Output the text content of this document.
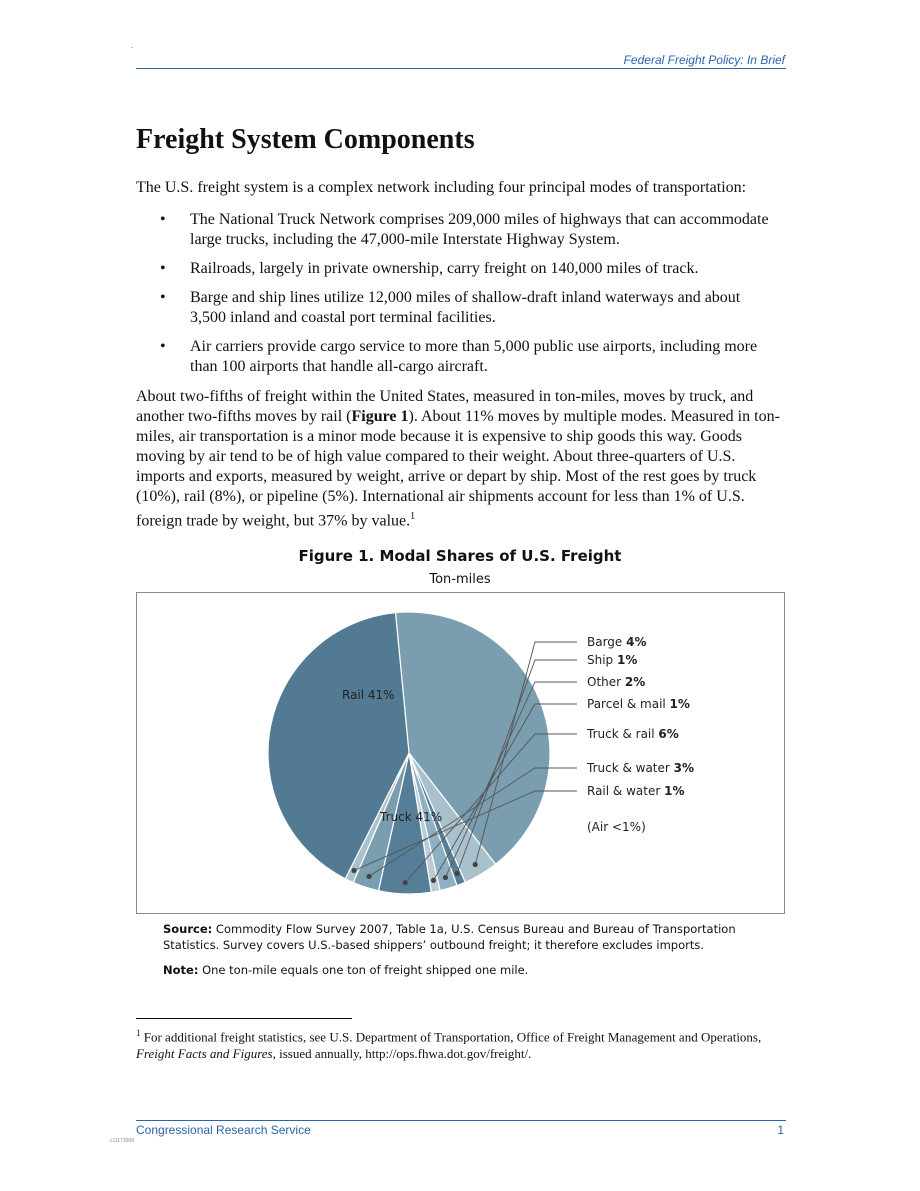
.
Federal Freight Policy: In Brief
Freight System Components
The U.S. freight system is a complex network including four principal modes of transportation:
• The National Truck Network comprises 209,000 miles of highways that can accommodate large trucks, including the 47,000-mile Interstate Highway System.
• Railroads, largely in private ownership, carry freight on 140,000 miles of track.
• Barge and ship lines utilize 12,000 miles of shallow-draft inland waterways and about 3,500 inland and coastal port terminal facilities.
• Air carriers provide cargo service to more than 5,000 public use airports, including more than 100 airports that handle all-cargo aircraft.
About two-fifths of freight within the United States, measured in ton-miles, moves by truck, and another two-fifths moves by rail (Figure 1). About 11% moves by multiple modes. Measured in ton-miles, air transportation is a minor mode because it is expensive to ship goods this way. Goods moving by air tend to be of high value compared to their weight. About three-quarters of U.S. imports and exports, measured by weight, arrive or depart by ship. Most of the rest goes by truck (10%), rail (8%), or pipeline (5%). International air shipments account for less than 1% of U.S. foreign trade by weight, but 37% by value.$^1$
Figure 1. Modal Shares of U.S. Freight
Ton-miles
Rail 41%
Barge 4%
Ship 1%
Other 2%
Parcel & mail 1%
Truck & rail 6%
Truck & water 3%
Rail & water 1%
Truck 41%
(Air <1%)
Source: Commodity Flow Survey 2007, Table 1a, U.S. Census Bureau and Bureau of Transportation Statistics. Survey covers U.S.-based shippers’ outbound freight; it therefore excludes imports.
Note: One ton-mile equals one ton of freight shipped one mile.
$^1$ For additional freight statistics, see U.S. Department of Transportation, Office of Freight Management and Operations, Freight Facts and Figures, issued annually, http://ops.fhwa.dot.gov/freight/.
Congressional Research Service	1
c11173008
